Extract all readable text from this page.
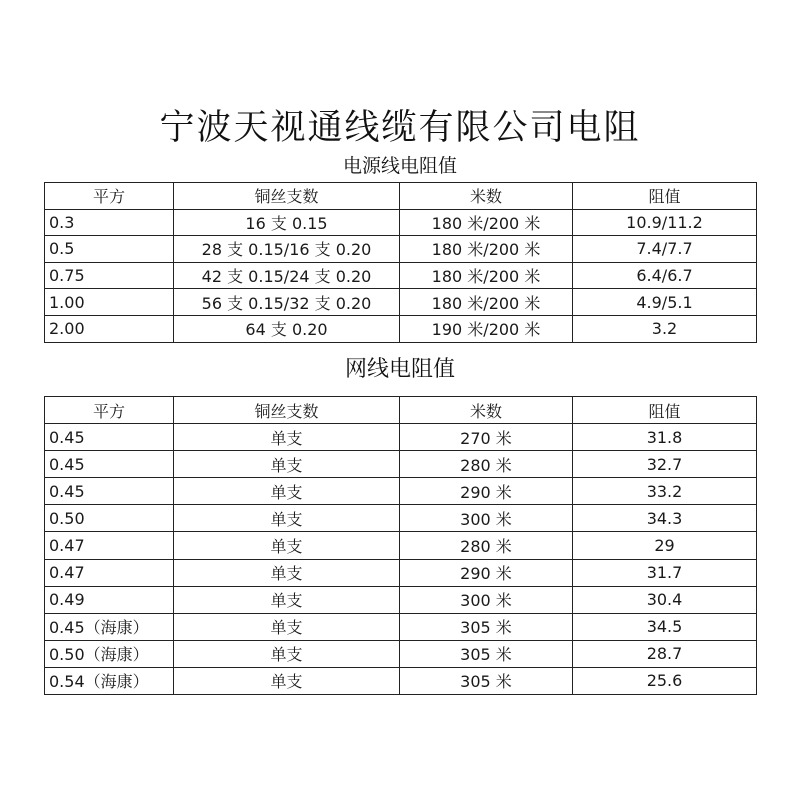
宁波天视通线缆有限公司电阻
电源线电阻值
平方	铜丝支数	米数	阻值
0.3	16 支 0.15	180 米/200 米	10.9/11.2
0.5	28 支 0.15/16 支 0.20	180 米/200 米	7.4/7.7
0.75	42 支 0.15/24 支 0.20	180 米/200 米	6.4/6.7
1.00	56 支 0.15/32 支 0.20	180 米/200 米	4.9/5.1
2.00	64 支 0.20	190 米/200 米	3.2
网线电阻值
平方	铜丝支数	米数	阻值
0.45	单支	270 米	31.8
0.45	单支	280 米	32.7
0.45	单支	290 米	33.2
0.50	单支	300 米	34.3
0.47	单支	280 米	29
0.47	单支	290 米	31.7
0.49	单支	300 米	30.4
0.45（海康）	单支	305 米	34.5
0.50（海康）	单支	305 米	28.7
0.54（海康）	单支	305 米	25.6
